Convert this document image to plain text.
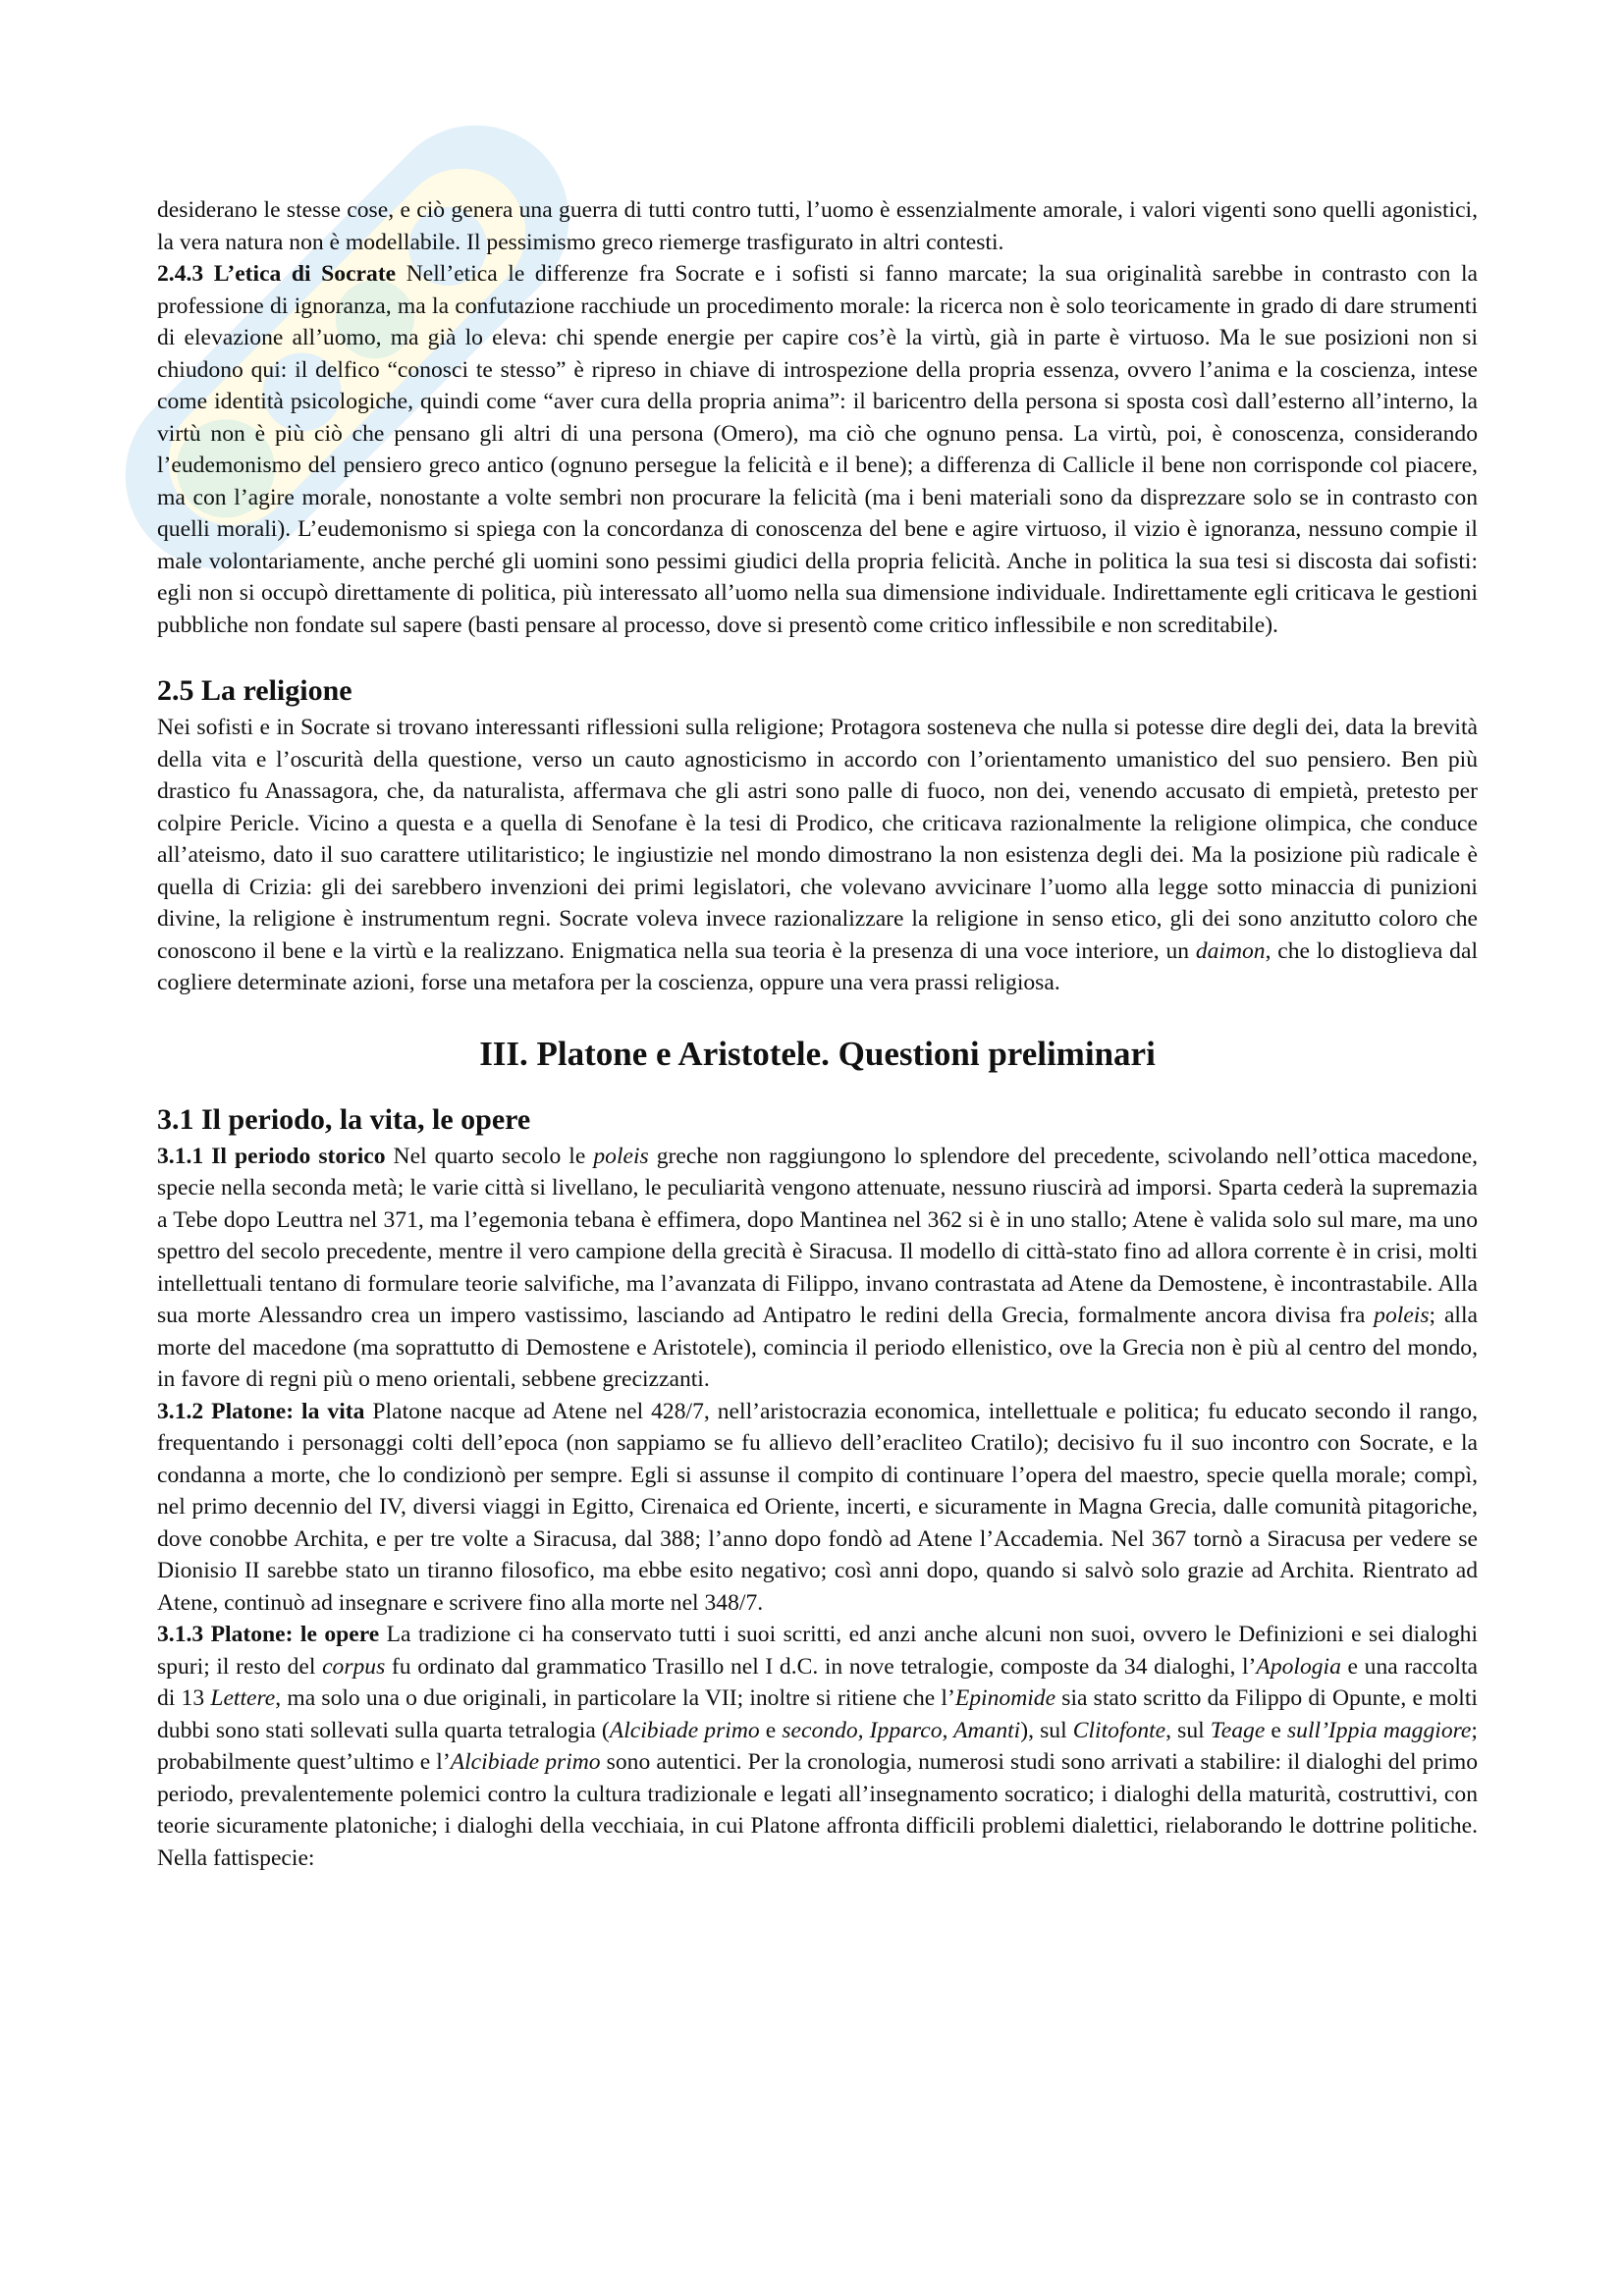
desiderano le stesse cose, e ciò genera una guerra di tutti contro tutti, l’uomo è essenzialmente amorale, i valori vigenti sono quelli agonistici, la vera natura non è modellabile. Il pessimismo greco riemerge trasfigurato in altri contesti.

2.4.3 L’etica di Socrate Nell’etica le differenze fra Socrate e i sofisti si fanno marcate; la sua originalità sarebbe in contrasto con la professione di ignoranza, ma la confutazione racchiude un procedimento morale: la ricerca non è solo teoricamente in grado di dare strumenti di elevazione all’uomo, ma già lo eleva: chi spende energie per capire cos’è la virtù, già in parte è virtuoso. Ma le sue posizioni non si chiudono qui: il delfico “conosci te stesso” è ripreso in chiave di introspezione della propria essenza, ovvero l’anima e la coscienza, intese come identità psicologiche, quindi come “aver cura della propria anima”: il baricentro della persona si sposta così dall’esterno all’interno, la virtù non è più ciò che pensano gli altri di una persona (Omero), ma ciò che ognuno pensa. La virtù, poi, è conoscenza, considerando l’eudemonismo del pensiero greco antico (ognuno persegue la felicità e il bene); a differenza di Callicle il bene non corrisponde col piacere, ma con l’agire morale, nonostante a volte sembri non procurare la felicità (ma i beni materiali sono da disprezzare solo se in contrasto con quelli morali). L’eudemonismo si spiega con la concordanza di conoscenza del bene e agire virtuoso, il vizio è ignoranza, nessuno compie il male volontariamente, anche perché gli uomini sono pessimi giudici della propria felicità. Anche in politica la sua tesi si discosta dai sofisti: egli non si occupò direttamente di politica, più interessato all’uomo nella sua dimensione individuale. Indirettamente egli criticava le gestioni pubbliche non fondate sul sapere (basti pensare al processo, dove si presentò come critico inflessibile e non screditabile).

2.5 La religione

Nei sofisti e in Socrate si trovano interessanti riflessioni sulla religione; Protagora sosteneva che nulla si potesse dire degli dei, data la brevità della vita e l’oscurità della questione, verso un cauto agnosticismo in accordo con l’orientamento umanistico del suo pensiero. Ben più drastico fu Anassagora, che, da naturalista, affermava che gli astri sono palle di fuoco, non dei, venendo accusato di empietà, pretesto per colpire Pericle. Vicino a questa e a quella di Senofane è la tesi di Prodico, che criticava razionalmente la religione olimpica, che conduce all’ateismo, dato il suo carattere utilitaristico; le ingiustizie nel mondo dimostrano la non esistenza degli dei. Ma la posizione più radicale è quella di Crizia: gli dei sarebbero invenzioni dei primi legislatori, che volevano avvicinare l’uomo alla legge sotto minaccia di punizioni divine, la religione è instrumentum regni. Socrate voleva invece razionalizzare la religione in senso etico, gli dei sono anzitutto coloro che conoscono il bene e la virtù e la realizzano. Enigmatica nella sua teoria è la presenza di una voce interiore, un daimon, che lo distoglieva dal cogliere determinate azioni, forse una metafora per la coscienza, oppure una vera prassi religiosa.

III. Platone e Aristotele. Questioni preliminari
3.1 Il periodo, la vita, le opere

3.1.1 Il periodo storico Nel quarto secolo le poleis greche non raggiungono lo splendore del precedente, scivolando nell’ottica macedone, specie nella seconda metà; le varie città si livellano, le peculiarità vengono attenuate, nessuno riuscirà ad imporsi. Sparta cederà la supremazia a Tebe dopo Leuttra nel 371, ma l’egemonia tebana è effimera, dopo Mantinea nel 362 si è in uno stallo; Atene è valida solo sul mare, ma uno spettro del secolo precedente, mentre il vero campione della grecità è Siracusa. Il modello di città-stato fino ad allora corrente è in crisi, molti intellettuali tentano di formulare teorie salvifiche, ma l’avanzata di Filippo, invano contrastata ad Atene da Demostene, è incontrastabile. Alla sua morte Alessandro crea un impero vastissimo, lasciando ad Antipatro le redini della Grecia, formalmente ancora divisa fra poleis; alla morte del macedone (ma soprattutto di Demostene e Aristotele), comincia il periodo ellenistico, ove la Grecia non è più al centro del mondo, in favore di regni più o meno orientali, sebbene grecizzanti.

3.1.2 Platone: la vita Platone nacque ad Atene nel 428/7, nell’aristocrazia economica, intellettuale e politica; fu educato secondo il rango, frequentando i personaggi colti dell’epoca (non sappiamo se fu allievo dell’eracliteo Cratilo); decisivo fu il suo incontro con Socrate, e la condanna a morte, che lo condizionò per sempre. Egli si assunse il compito di continuare l’opera del maestro, specie quella morale; compì, nel primo decennio del IV, diversi viaggi in Egitto, Cirenaica ed Oriente, incerti, e sicuramente in Magna Grecia, dalle comunità pitagoriche, dove conobbe Archita, e per tre volte a Siracusa, dal 388; l’anno dopo fondò ad Atene l’Accademia. Nel 367 tornò a Siracusa per vedere se Dionisio II sarebbe stato un tiranno filosofico, ma ebbe esito negativo; così anni dopo, quando si salvò solo grazie ad Archita. Rientrato ad Atene, continuò ad insegnare e scrivere fino alla morte nel 348/7.

3.1.3 Platone: le opere La tradizione ci ha conservato tutti i suoi scritti, ed anzi anche alcuni non suoi, ovvero le Definizioni e sei dialoghi spuri; il resto del corpus fu ordinato dal grammatico Trasillo nel I d.C. in nove tetralogie, composte da 34 dialoghi, l’Apologia e una raccolta di 13 Lettere, ma solo una o due originali, in particolare la VII; inoltre si ritiene che l’Epinomide sia stato scritto da Filippo di Opunte, e molti dubbi sono stati sollevati sulla quarta tetralogia (Alcibiade primo e secondo, Ipparco, Amanti), sul Clitofonte, sul Teage e sull’Ippia maggiore; probabilmente quest’ultimo e l’Alcibiade primo sono autentici. Per la cronologia, numerosi studi sono arrivati a stabilire: il dialoghi del primo periodo, prevalentemente polemici contro la cultura tradizionale e legati all’insegnamento socratico; i dialoghi della maturità, costruttivi, con teorie sicuramente platoniche; i dialoghi della vecchiaia, in cui Platone affronta difficili problemi dialettici, rielaborando le dottrine politiche. Nella fattispecie:
